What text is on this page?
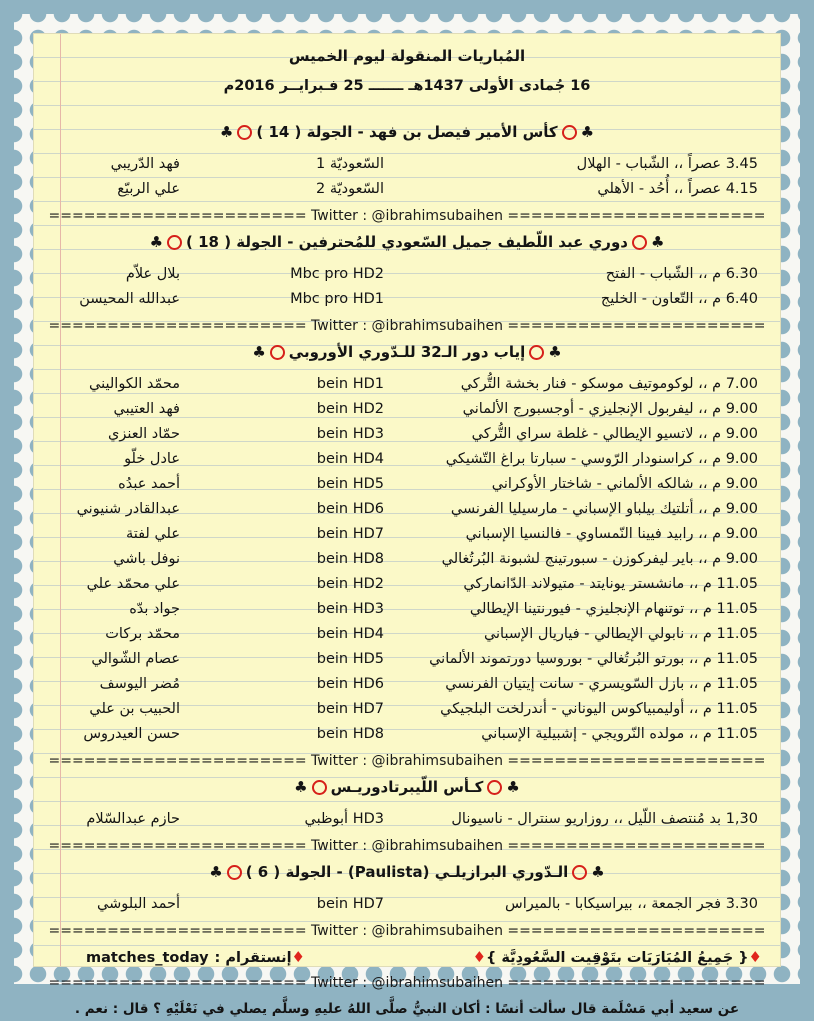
المُباريات المنقولة ليوم الخميس
16 جُمادى الأولى 1437هـ ـــــــ 25 فـبرايــر 2016م
♣كأس الأمير فيصل بن فهد - الجولة ( 14 )♣
3.45 عصراً ،، الشّباب - الهلال
السّعوديّة 1
فهد الدّريبي
4.15 عصراً ،، أُحُد - الأهلي
السّعوديّة 2
علي الربيّع
====================== Twitter : @ibrahimsubaihen ======================
♣دوري عبد اللّطيف جميل السّعودي للمُحترفين - الجولة ( 18 )♣
6.30 م ،، الشّباب - الفتح
Mbc pro HD2
بلال علاّم
6.40 م ،، التّعاون - الخليج
Mbc pro HD1
عبدالله المحيسن
====================== Twitter : @ibrahimsubaihen ======================
♣إياب دور الـ32 للـدّوري الأوروبي♣
7.00 م ،، لوكوموتيف موسكو - فنار بخشة التُّركي
bein HD1
محمّد الكواليني
9.00 م ،، ليفربول الإنجليزي - أوجسبورج الألماني
bein HD2
فهد العتيبي
9.00 م ،، لاتسيو الإيطالي - غلطة سراي التُّركي
bein HD3
حمّاد العنزي
9.00 م ،، كراسنودار الرّوسي - سبارتا براغ التّشيكي
bein HD4
عادل خلّو
9.00 م ،، شالكه الألماني - شاختار الأوكراني
bein HD5
أحمد عبدُه
9.00 م ،، أتلتيك بيلباو الإسباني - مارسيليا الفرنسي
bein HD6
عبدالقادر شنيوني
9.00 م ،، رابيد فيينا النّمساوي - فالنسيا الإسباني
bein HD7
علي لفتة
9.00 م ،، باير ليفركوزن - سبورتينج لشبونة البُرتُغالي
bein HD8
نوفل باشي
11.05 م ،، مانشستر يونايتد - متيولاند الدّانماركي
bein HD2
علي محمّد علي
11.05 م ،، توتنهام الإنجليزي - فيورنتينا الإيطالي
bein HD3
جواد بدّه
11.05 م ،، نابولي الإيطالي - فياريال الإسباني
bein HD4
محمّد بركات
11.05 م ،، بورتو البُرتُغالي - بوروسيا دورتموند الألماني
bein HD5
عصام الشّوالي
11.05 م ،، بازل السّويسري - سانت إيتيان الفرنسي
bein HD6
مُضر اليوسف
11.05 م ،، أوليمبياكوس اليوناني - أندرلخت البلجيكي
bein HD7
الحبيب بن علي
11.05 م ،، مولده النّرويجي - إشبيلية الإسباني
bein HD8
حسن العيدروس
====================== Twitter : @ibrahimsubaihen ======================
♣كـأس اللّيبرتادوريـس♣
1,30 بد مُنتصف اللّيل ،، روزاريو سنترال - ناسيونال
أبوظبي HD3
حازم عبدالسّلام
====================== Twitter : @ibrahimsubaihen ======================
♣الـدّوري البرازيلـي (Paulista) - الجولة ( 6 )♣
3.30 فجر الجمعة ،، بيراسيكابا - بالميراس
bein HD7
أحمد البلوشي
====================== Twitter : @ibrahimsubaihen ======================
♦{ جَمِيعُ المُبَارَيَات بتَوْقِيت السَّعُودِيَّة }♦
♦إنستقرام :matches_today
====================== Twitter : @ibrahimsubaihen ======================
عن سعيد أبي مَسْلَمة قال سألت أنسًا : أكان النبيُّ صلَّى اللهُ عليهِ وسلَّم يصلي في نَعْلَيْهِ ؟ قال : نعم .
